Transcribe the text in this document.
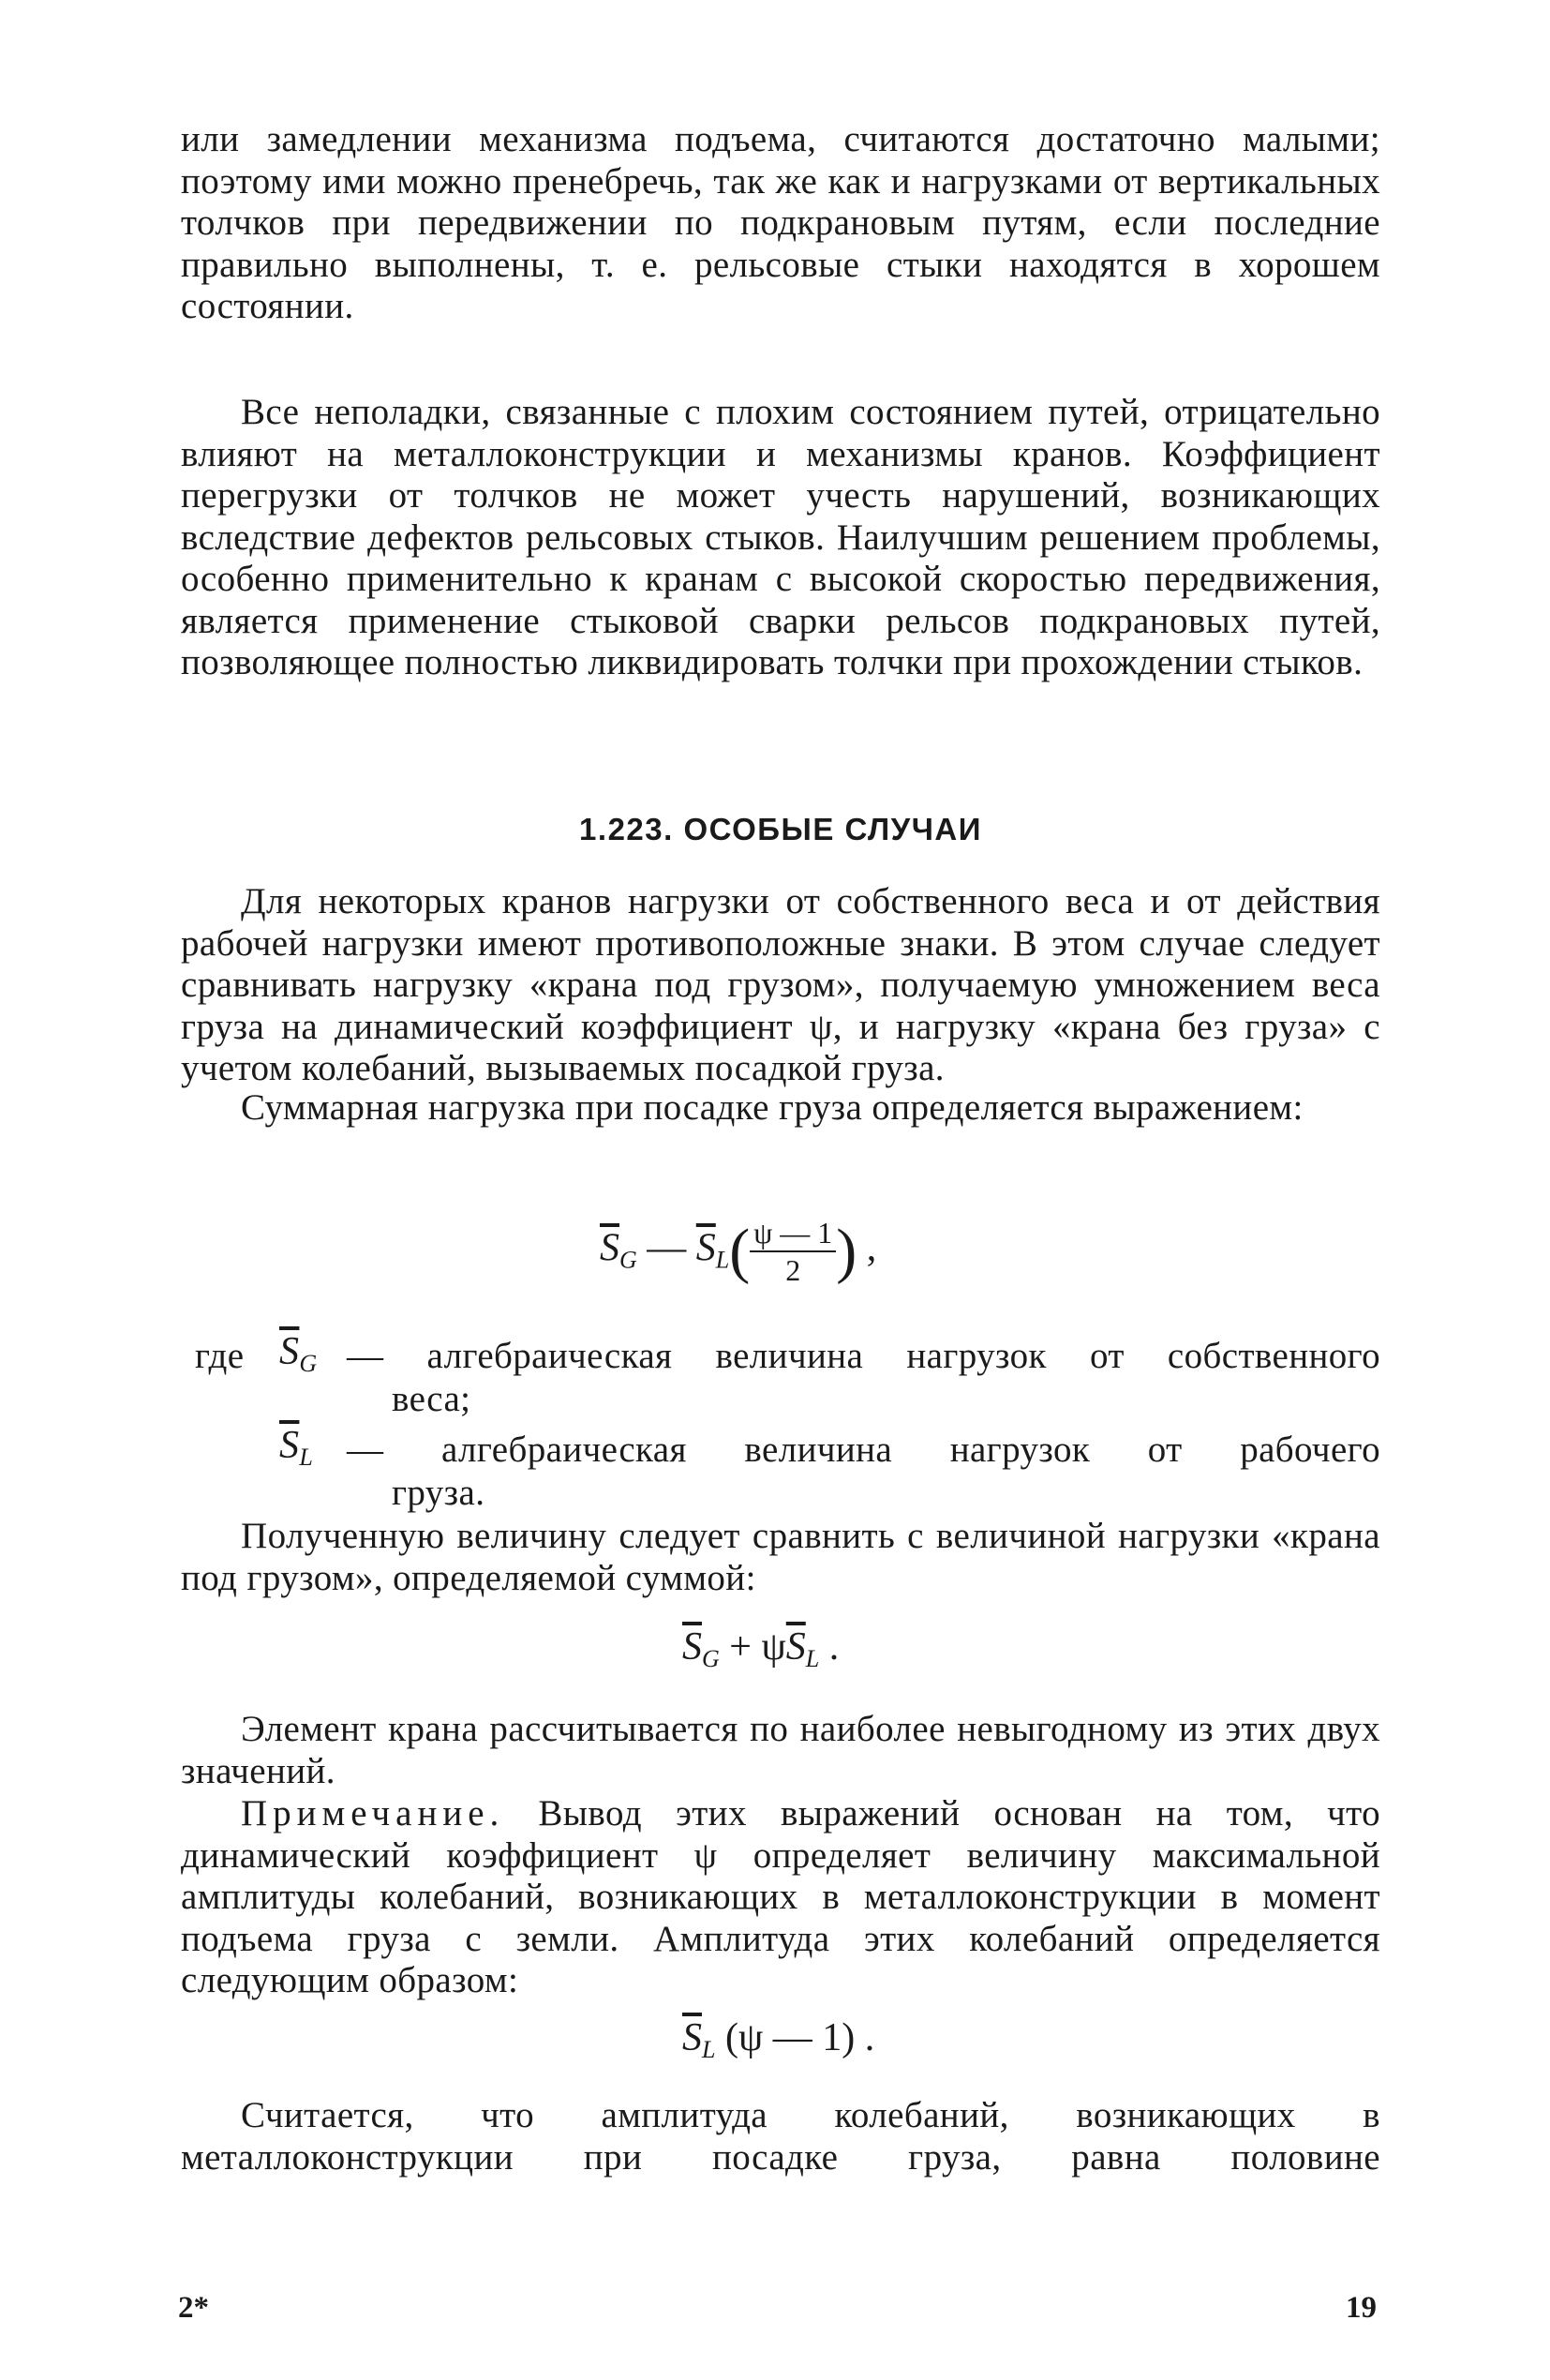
или замедлении механизма подъема, считаются достаточно малыми; поэтому ими можно пренебречь, так же как и нагрузками от вертикальных толчков при передвижении по подкрановым путям, если последние правильно выполнены, т. е. рельсовые стыки находятся в хорошем состоянии.

Все неполадки, связанные с плохим состоянием путей, отрицательно влияют на металлоконструкции и механизмы кранов. Коэффициент перегрузки от толчков не может учесть нарушений, возникающих вследствие дефектов рельсовых стыков. Наилучшим решением проблемы, особенно применительно к кранам с высокой скоростью передвижения, является применение стыковой сварки рельсов подкрановых путей, позволяющее полностью ликвидировать толчки при прохождении стыков.

1.223. ОСОБЫЕ СЛУЧАИ

Для некоторых кранов нагрузки от собственного веса и от действия рабочей нагрузки имеют противоположные знаки. В этом случае следует сравнивать нагрузку «крана под грузом», получаемую умножением веса груза на динамический коэффициент ψ, и нагрузку «крана без груза» с учетом колебаний, вызываемых посадкой груза.

Суммарная нагрузка при посадке груза определяется выражением:

$\overline{S}_G$ — $\overline{S}_L( \frac{\psi — 1}{2}$ ) ,
где $\overline{S}_G$ — алгебраическая величина нагрузок от собственного
веса;
$\overline{S}_L$ — алгебраическая величина нагрузок от рабочего
груза.

Полученную величину следует сравнить с величиной нагрузки «крана под грузом», определяемой суммой:

$\overline{S}_G + \psi\overline{S}_L$ .

Элемент крана рассчитывается по наиболее невыгодному из этих двух значений.

Примечание. Вывод этих выражений основан на том, что динамический коэффициент ψ определяет величину максимальной амплитуды колебаний, возникающих в металлоконструкции в момент подъема груза с земли. Амплитуда этих колебаний определяется следующим образом:

$\overline{S}_L$ (ψ — 1) .

Считается, что амплитуда колебаний, возникающих в металлоконструкции при посадке груза, равна половине

2*	19
